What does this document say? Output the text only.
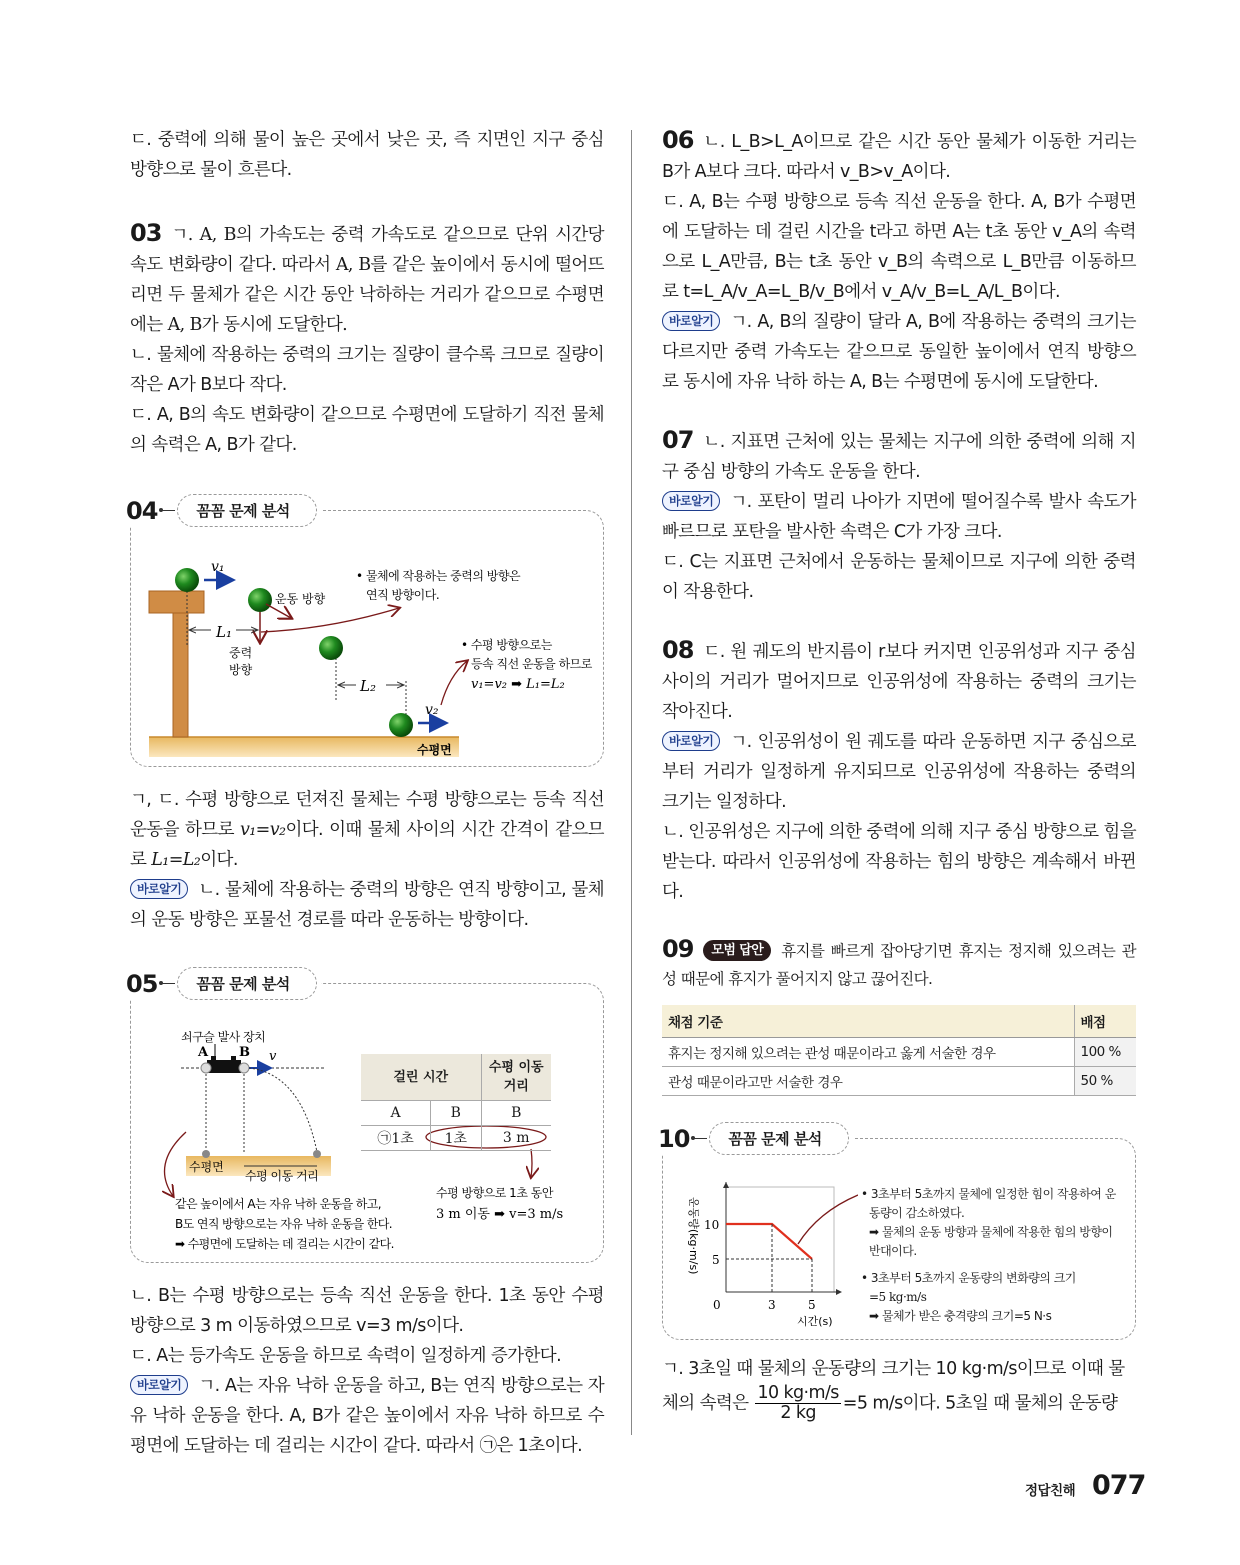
ㄷ. 중력에 의해 물이 높은 곳에서 낮은 곳, 즉 지면인 지구 중심 방향으로 물이 흐른다.

03 ㄱ. A, B의 가속도는 중력 가속도로 같으므로 단위 시간당 속도 변화량이 같다. 따라서 A, B를 같은 높이에서 동시에 떨어뜨리면 두 물체가 같은 시간 동안 낙하하는 거리가 같으므로 수평면에는 A, B가 동시에 도달한다.

ㄴ. 물체에 작용하는 중력의 크기는 질량이 클수록 크므로 질량이 작은 A가 B보다 작다.

ㄷ. A, B의 속도 변화량이 같으므로 수평면에 도달하기 직전 물체의 속력은 A, B가 같다.

04	꼼꼼 문제 분석
v₁
v₂
운동 방향
중력
방향
L₁
L₂
수평면
• 물체에 작용하는 중력의 방향은
연직 방향이다.
• 수평 방향으로는
등속 직선 운동을 하므로
v₁=v₂ ➡ L₁=L₂

ㄱ, ㄷ. 수평 방향으로 던져진 물체는 수평 방향으로는 등속 직선 운동을 하므로 v₁=v₂이다. 이때 물체 사이의 시간 간격이 같으므로 L₁=L₂이다.

바로알기 ㄴ. 물체에 작용하는 중력의 방향은 연직 방향이고, 물체의 운동 방향은 포물선 경로를 따라 운동하는 방향이다.

05	꼼꼼 문제 분석
쇠구슬 발사 장치
A B v
수평면
수평 이동 거리
같은 높이에서 A는 자유 낙하 운동을 하고,
B도 연직 방향으로는 자유 낙하 운동을 한다.
➡ 수평면에 도달하는 데 걸리는 시간이 같다.
수평 방향으로 1초 동안
3 m 이동 ➡ v=3 m/s
걸린 시간		수평 이동 거리
A	B	B
㉠1초	1초	3 m

ㄴ. B는 수평 방향으로는 등속 직선 운동을 한다. 1초 동안 수평 방향으로 3 m 이동하였으므로 v=3 m/s이다.

ㄷ. A는 등가속도 운동을 하므로 속력이 일정하게 증가한다.

바로알기 ㄱ. A는 자유 낙하 운동을 하고, B는 연직 방향으로는 자유 낙하 운동을 한다. A, B가 같은 높이에서 자유 낙하 하므로 수평면에 도달하는 데 걸리는 시간이 같다. 따라서 ㉠은 1초이다.

06 ㄴ. L_B>L_A이므로 같은 시간 동안 물체가 이동한 거리는 B가 A보다 크다. 따라서 v_B>v_A이다.

ㄷ. A, B는 수평 방향으로 등속 직선 운동을 한다. A, B가 수평면에 도달하는 데 걸린 시간을 t라고 하면 A는 t초 동안 v_A의 속력으로 L_A만큼, B는 t초 동안 v_B의 속력으로 L_B만큼 이동하므로 t=L_A/v_A=L_B/v_B에서 v_A/v_B=L_A/L_B이다.

바로알기 ㄱ. A, B의 질량이 달라 A, B에 작용하는 중력의 크기는 다르지만 중력 가속도는 같으므로 동일한 높이에서 연직 방향으로 동시에 자유 낙하 하는 A, B는 수평면에 동시에 도달한다.

07 ㄴ. 지표면 근처에 있는 물체는 지구에 의한 중력에 의해 지구 중심 방향의 가속도 운동을 한다.

바로알기 ㄱ. 포탄이 멀리 나아가 지면에 떨어질수록 발사 속도가 빠르므로 포탄을 발사한 속력은 C가 가장 크다.

ㄷ. C는 지표면 근처에서 운동하는 물체이므로 지구에 의한 중력이 작용한다.

08 ㄷ. 원 궤도의 반지름이 r보다 커지면 인공위성과 지구 중심 사이의 거리가 멀어지므로 인공위성에 작용하는 중력의 크기는 작아진다.

바로알기 ㄱ. 인공위성이 원 궤도를 따라 운동하면 지구 중심으로부터 거리가 일정하게 유지되므로 인공위성에 작용하는 중력의 크기는 일정하다.

ㄴ. 인공위성은 지구에 의한 중력에 의해 지구 중심 방향으로 힘을 받는다. 따라서 인공위성에 작용하는 힘의 방향은 계속해서 바뀐다.

09 모범 답안 휴지를 빠르게 잡아당기면 휴지는 정지해 있으려는 관성 때문에 휴지가 풀어지지 않고 끊어진다.

채점 기준	배점
휴지는 정지해 있으려는 관성 때문이라고 옳게 서술한 경우	100 %
관성 때문이라고만 서술한 경우	50 %
10	꼼꼼 문제 분석
10
5
0	3	5
시간(s)
운동량(kg·m/s)
• 3초부터 5초까지 물체에 일정한 힘이 작용하여 운
동량이 감소하였다.
➡ 물체의 운동 방향과 물체에 작용한 힘의 방향이
반대이다.
• 3초부터 5초까지 운동량의 변화량의 크기
=5 kg·m/s
➡ 물체가 받은 충격량의 크기=5 N·s

ㄱ. 3초일 때 물체의 운동량의 크기는 10 kg·m/s이므로 이때 물

체의 속력은 $\frac{10 kg\cdot m/s}{2 kg} =5$ m/s이다. 5초일 때 물체의 운동량

정답친해 077
